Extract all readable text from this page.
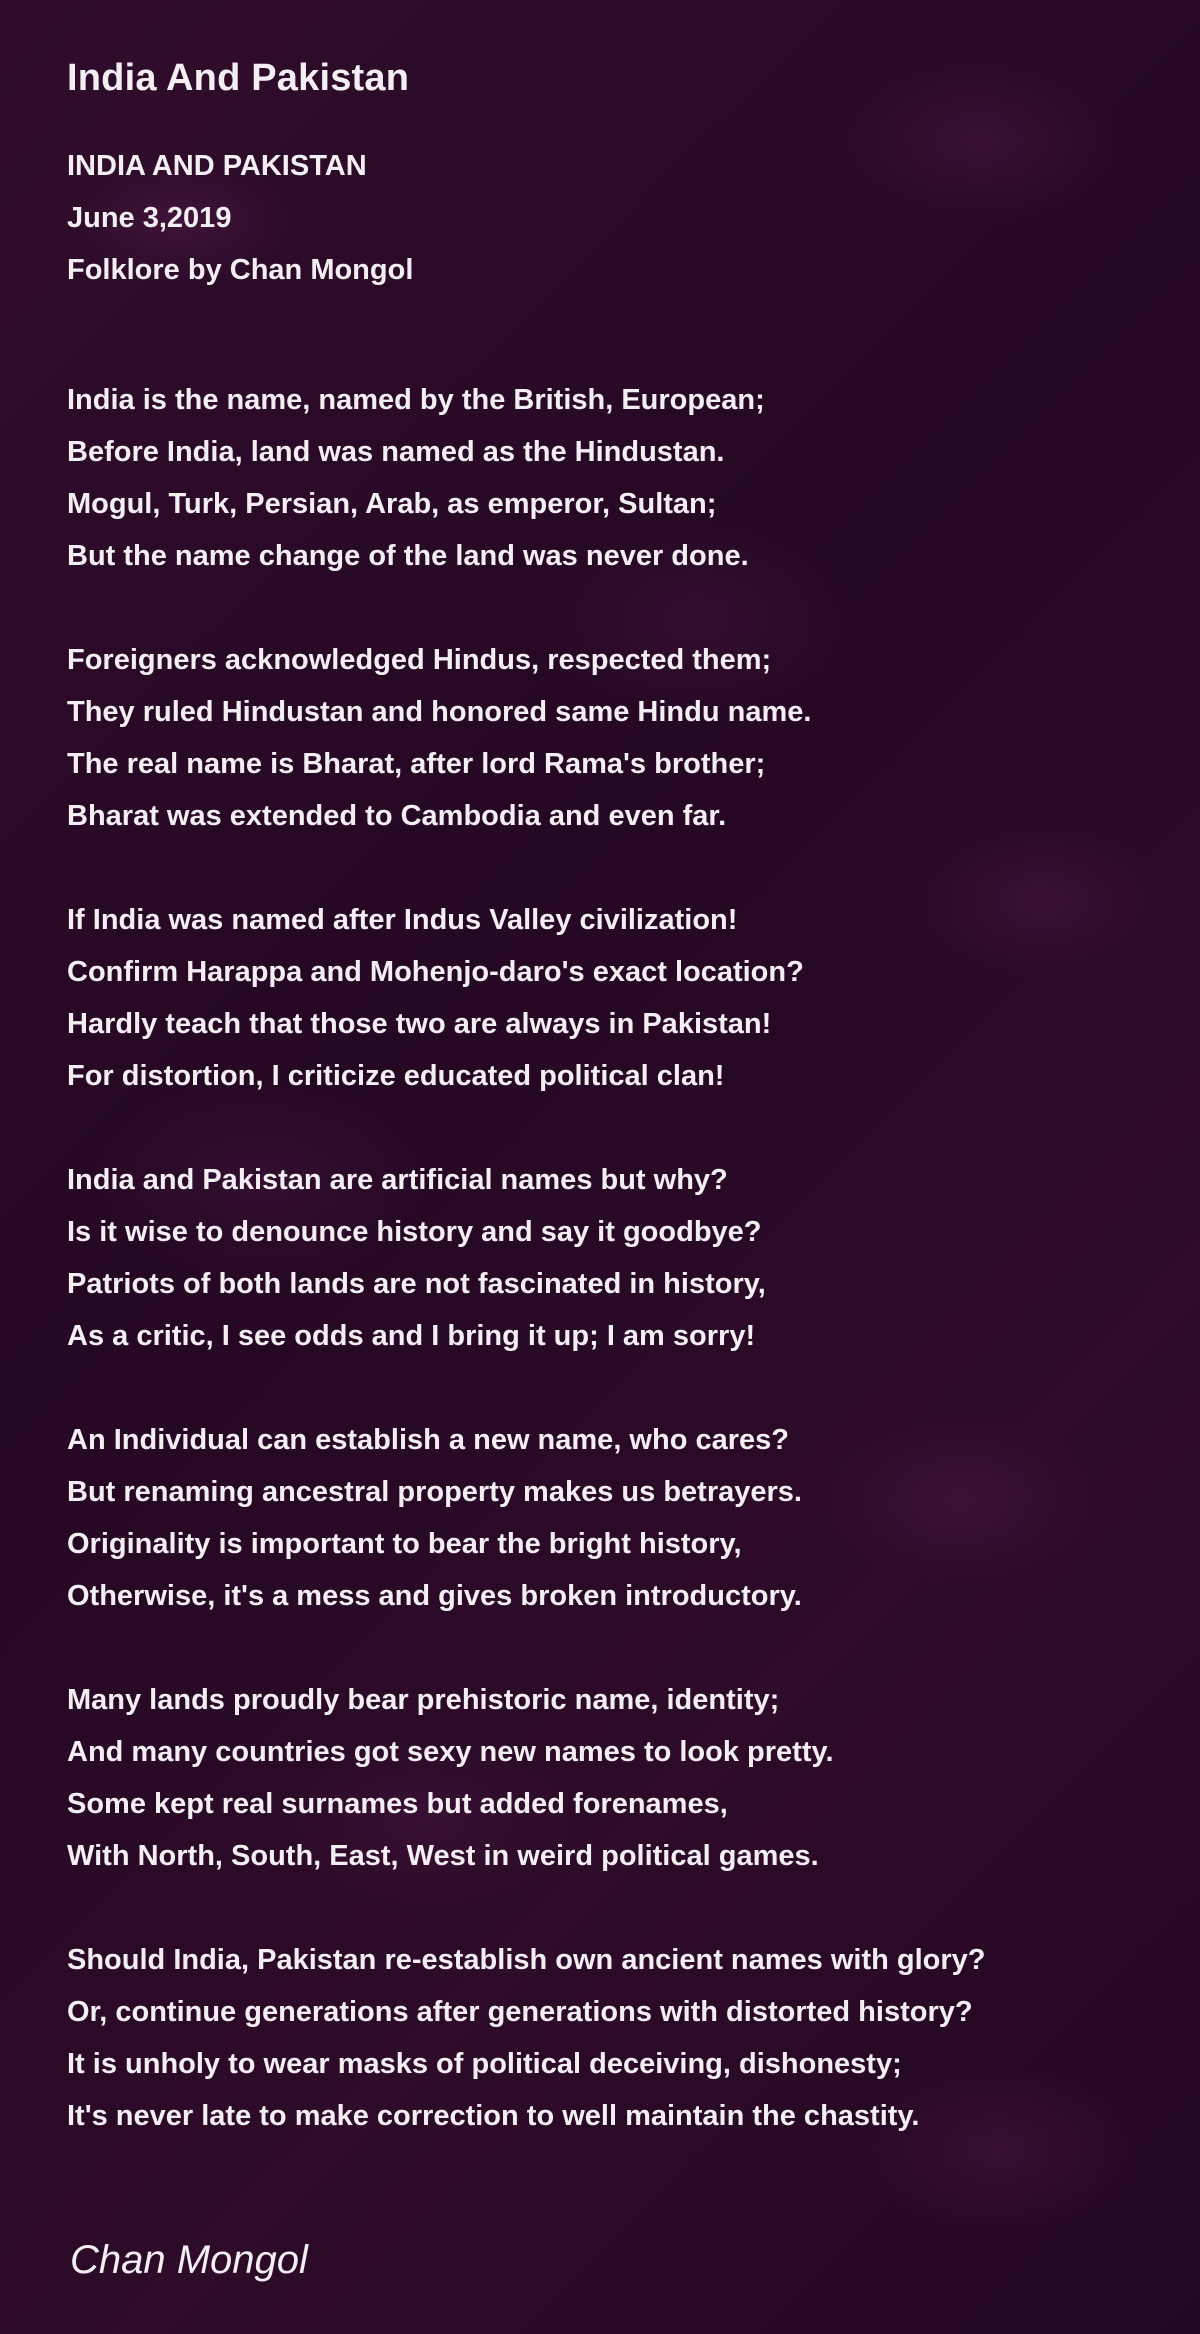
India And Pakistan
INDIA AND PAKISTAN
June 3,2019
Folklore by Chan Mongol
India is the name, named by the British, European;
Before India, land was named as the Hindustan.
Mogul, Turk, Persian, Arab, as emperor, Sultan;
But the name change of the land was never done.
Foreigners acknowledged Hindus, respected them;
They ruled Hindustan and honored same Hindu name.
The real name is Bharat, after lord Rama's brother;
Bharat was extended to Cambodia and even far.
If India was named after Indus Valley civilization!
Confirm Harappa and Mohenjo-daro's exact location?
Hardly teach that those two are always in Pakistan!
For distortion, I criticize educated political clan!
India and Pakistan are artificial names but why?
Is it wise to denounce history and say it goodbye?
Patriots of both lands are not fascinated in history,
As a critic, I see odds and I bring it up; I am sorry!
An Individual can establish a new name, who cares?
But renaming ancestral property makes us betrayers.
Originality is important to bear the bright history,
Otherwise, it's a mess and gives broken introductory.
Many lands proudly bear prehistoric name, identity;
And many countries got sexy new names to look pretty.
Some kept real surnames but added forenames,
With North, South, East, West in weird political games.
Should India, Pakistan re-establish own ancient names with glory?
Or, continue generations after generations with distorted history?
It is unholy to wear masks of political deceiving, dishonesty;
It's never late to make correction to well maintain the chastity.
Chan Mongol
